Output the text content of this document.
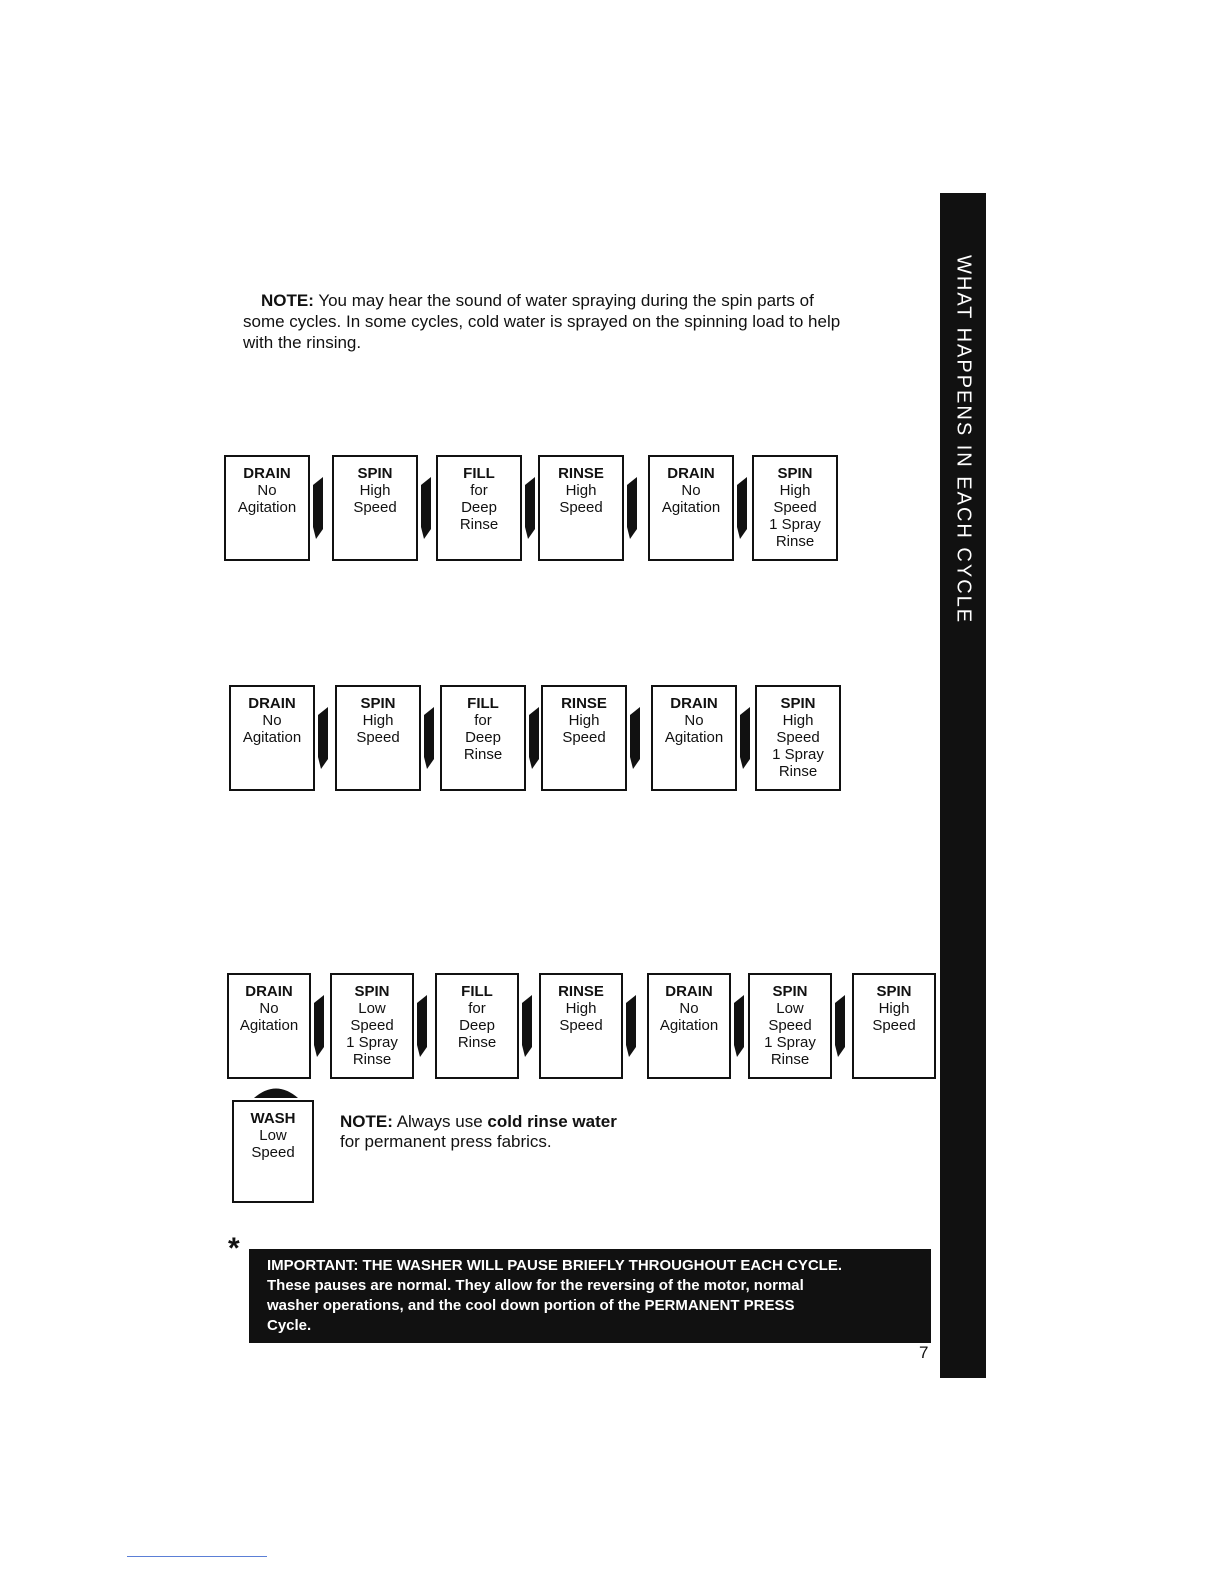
WHAT HAPPENS IN EACH CYCLE
NOTE: You may hear the sound of water spraying during the spin parts of
some cycles. In some cycles, cold water is sprayed on the spinning load to help
with the rinsing.
DRAIN
No
Agitation
SPIN
High
Speed
FILL
for
Deep
Rinse
RINSE
High
Speed
DRAIN
No
Agitation
SPIN
High
Speed
1 Spray
Rinse
DRAIN
No
Agitation
SPIN
High
Speed
FILL
for
Deep
Rinse
RINSE
High
Speed
DRAIN
No
Agitation
SPIN
High
Speed
1 Spray
Rinse
DRAIN
No
Agitation
SPIN
Low
Speed
1 Spray
Rinse
FILL
for
Deep
Rinse
RINSE
High
Speed
DRAIN
No
Agitation
SPIN
Low
Speed
1 Spray
Rinse
SPIN
High
Speed
WASH
Low
Speed
NOTE: Always use cold rinse water
for permanent press fabrics.
*
IMPORTANT: THE WASHER WILL PAUSE BRIEFLY THROUGHOUT EACH CYCLE.
These pauses are normal. They allow for the reversing of the motor, normal
washer operations, and the cool down portion of the PERMANENT PRESS
Cycle.
7
